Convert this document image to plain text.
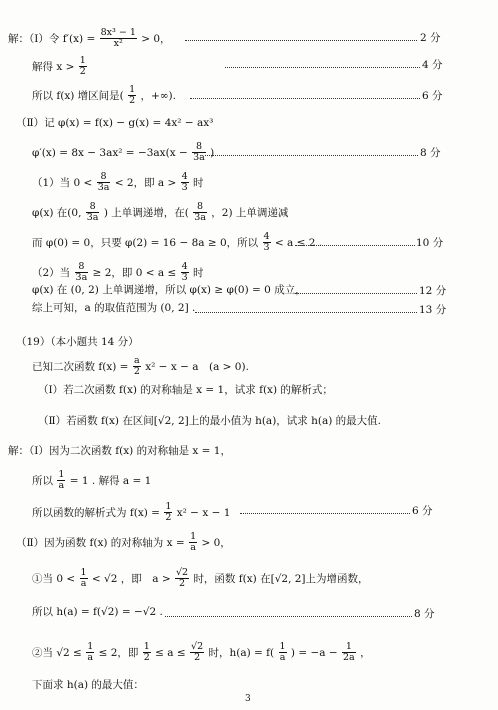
解：（Ⅰ）令 $f'(x) = \frac{\text{8x³ − 1}}{\text{x²}} > 0$，	2 分
解得 $x > \frac{1}{2}$	4 分
所以 f(x) 增区间是( $\frac{1}{2}$ ，+∞).	6 分
（Ⅱ）记 φ(x) = f(x) − g(x) = 4x² − ax³
$\varphi'(x) = 8x - 3ax^2 = -3ax(x - \frac{8}{3a}$ )	8 分
（1）当 $0 < \frac{8}{3a} < 2$，即 $a > \frac{4}{3}$ 时
φ(x) 在(0, $\frac{8}{3a}$ ) 上单调递增，在( $\frac{8}{3a}$ ，2) 上单调递减
而 φ(0) = 0，只要 φ(2) = 16 − 8a ≥ 0，所以 $\frac{4}{3} < a \le 2$ .	10 分
（2）当 $\frac{8}{3a} \ge 2$，即 $0 < a \le \frac{4}{3}$ 时
φ(x) 在 (0, 2) 上单调递增，所以 φ(x) ≥ φ(0) = 0 成立，	12 分
综上可知，a 的取值范围为 (0, 2] .	13 分
（19）（本小题共 14 分）
已知二次函数 $f(x) = \frac{a}{2} x^2 - x - a$　(a > 0).
（Ⅰ）若二次函数 f(x) 的对称轴是 x = 1，试求 f(x) 的解析式；
（Ⅱ）若函数 f(x) 在区间[√2, 2]上的最小值为 h(a)，试求 h(a) 的最大值.
解：（Ⅰ）因为二次函数 f(x) 的对称轴是 x = 1，
所以 $\frac{1}{a} = 1$ . 解得 a = 1
所以函数的解析式为 $f(x) = \frac{1}{2} x^2 - x - 1$	6 分
（Ⅱ）因为函数 f(x) 的对称轴为 $x = \frac{1}{a} > 0$，
①当 $0 < \frac{1}{a} < √2$ ，即　$a > \frac{√2}{2}$ 时，函数 f(x) 在[√2, 2]上为增函数，
所以 h(a) = f(√2) = −√2 .	8 分
②当 $√2 \le \frac{1}{a} \le 2$，即 $\frac{1}{2} \le a \le \frac{√2}{2}$ 时，$h(a) = f( \frac{1}{a}$ ) = $-a - \frac{1}{2a}$ ，
下面求 h(a) 的最大值：
3
